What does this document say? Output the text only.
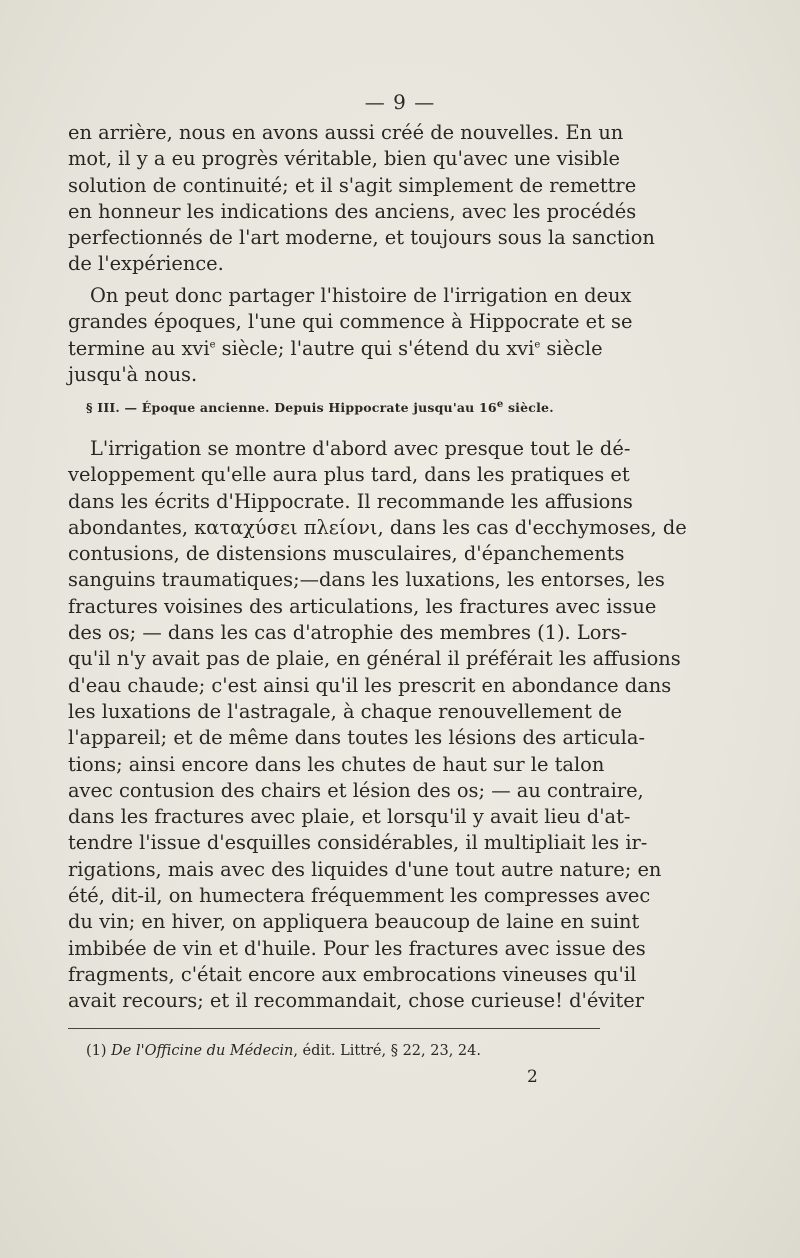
— 9 —
en arrière, nous en avons aussi créé de nouvelles. En un
mot, il y a eu progrès véritable, bien qu'avec une visible
solution de continuité; et il s'agit simplement de remettre
en honneur les indications des anciens, avec les procédés
perfectionnés de l'art moderne, et toujours sous la sanction
de l'expérience.
On peut donc partager l'histoire de l'irrigation en deux
grandes époques, l'une qui commence à Hippocrate et se
termine au xvi$^e$ siècle; l'autre qui s'étend du xvi$^e$ siècle
jusqu'à nous.
§ III. — Époque ancienne. Depuis Hippocrate jusqu'au 16e siècle.
L'irrigation se montre d'abord avec presque tout le dé-
veloppement qu'elle aura plus tard, dans les pratiques et
dans les écrits d'Hippocrate. Il recommande les affusions
abondantes, καταχύσει πλείονι, dans les cas d'ecchymoses, de
contusions, de distensions musculaires, d'épanchements
sanguins traumatiques;—dans les luxations, les entorses, les
fractures voisines des articulations, les fractures avec issue
des os; — dans les cas d'atrophie des membres (1). Lors-
qu'il n'y avait pas de plaie, en général il préférait les affusions
d'eau chaude; c'est ainsi qu'il les prescrit en abondance dans
les luxations de l'astragale, à chaque renouvellement de
l'appareil; et de même dans toutes les lésions des articula-
tions; ainsi encore dans les chutes de haut sur le talon
avec contusion des chairs et lésion des os; — au contraire,
dans les fractures avec plaie, et lorsqu'il y avait lieu d'at-
tendre l'issue d'esquilles considérables, il multipliait les ir-
rigations, mais avec des liquides d'une tout autre nature; en
été, dit-il, on humectera fréquemment les compresses avec
du vin; en hiver, on appliquera beaucoup de laine en suint
imbibée de vin et d'huile. Pour les fractures avec issue des
fragments, c'était encore aux embrocations vineuses qu'il
avait recours; et il recommandait, chose curieuse! d'éviter
(1) De l'Officine du Médecin, édit. Littré, § 22, 23, 24.
2
